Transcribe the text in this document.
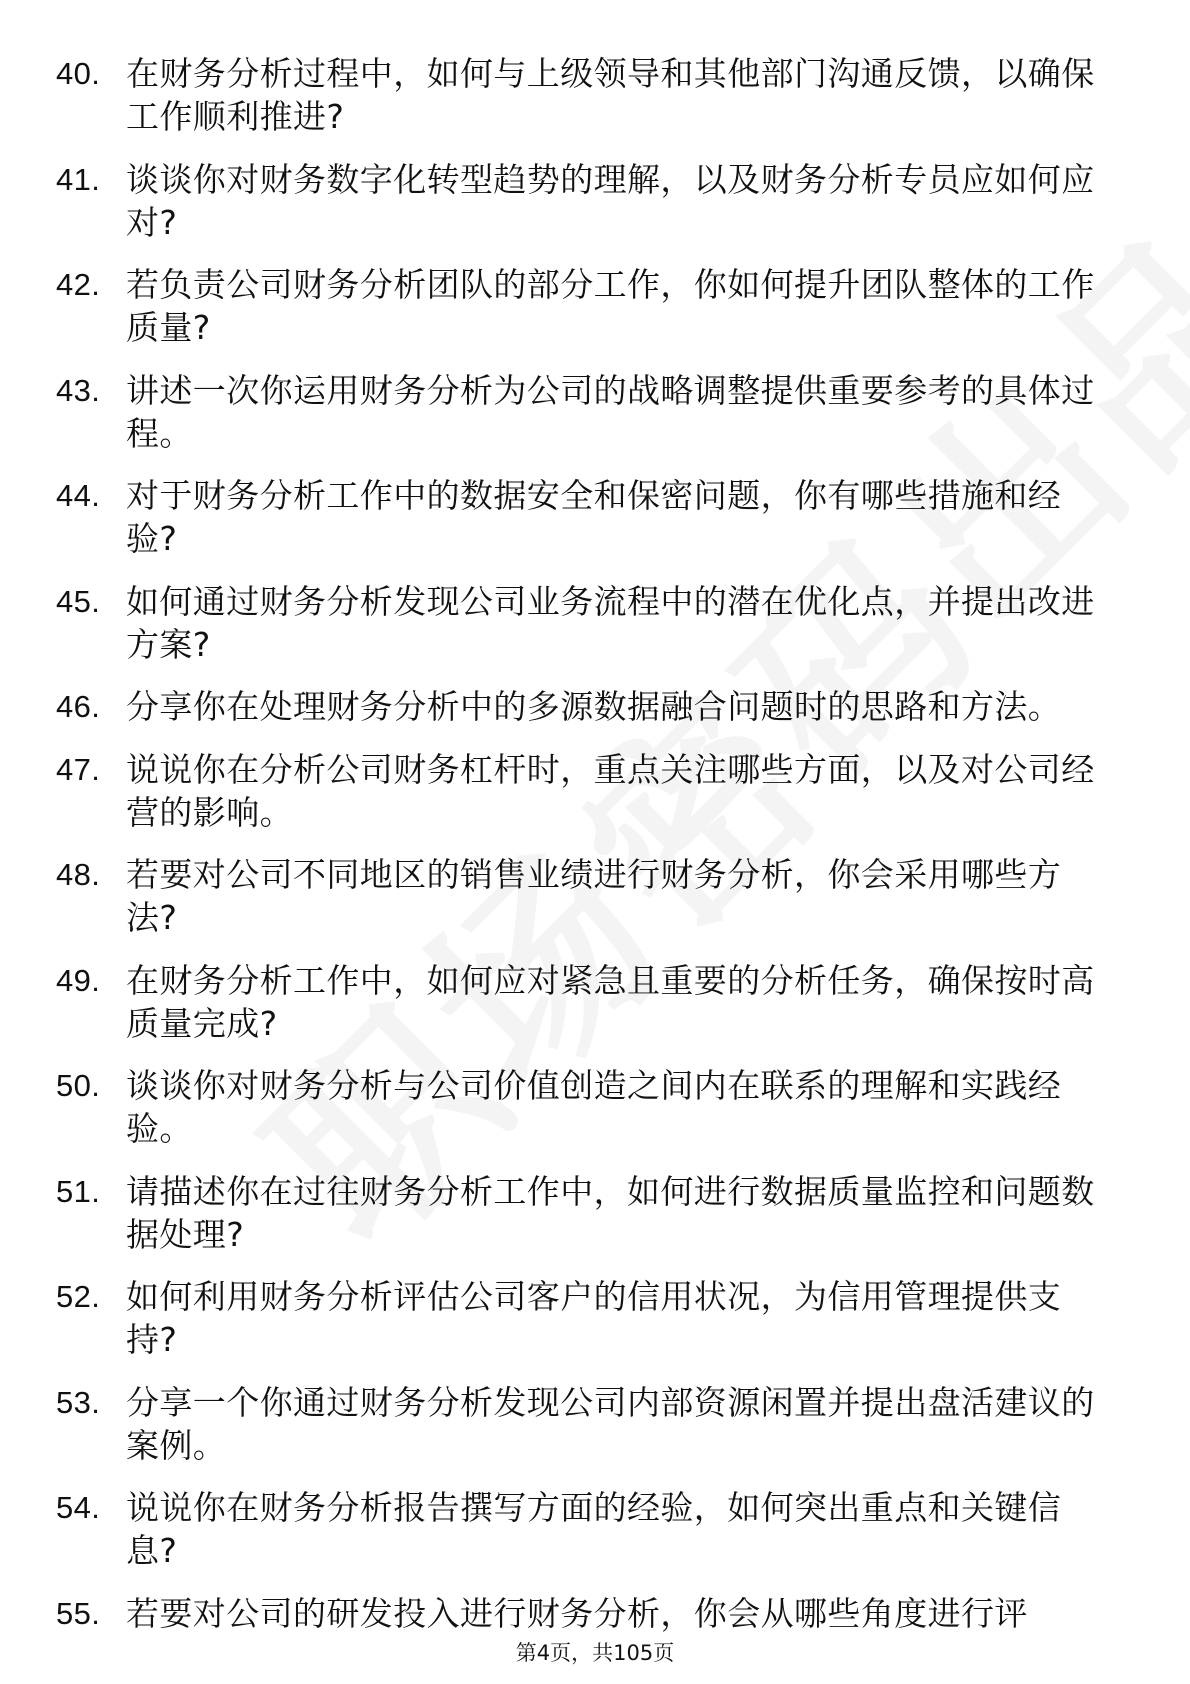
40. 在财务分析过程中，如何与上级领导和其他部门沟通反馈，以确保工作顺利推进?
41. 谈谈你对财务数字化转型趋势的理解，以及财务分析专员应如何应对?
42. 若负责公司财务分析团队的部分工作，你如何提升团队整体的工作质量?
43. 讲述一次你运用财务分析为公司的战略调整提供重要参考的具体过程。
44. 对于财务分析工作中的数据安全和保密问题，你有哪些措施和经验?
45. 如何通过财务分析发现公司业务流程中的潜在优化点，并提出改进方案?
46. 分享你在处理财务分析中的多源数据融合问题时的思路和方法。
47. 说说你在分析公司财务杠杆时，重点关注哪些方面，以及对公司经营的影响。
48. 若要对公司不同地区的销售业绩进行财务分析，你会采用哪些方法?
49. 在财务分析工作中，如何应对紧急且重要的分析任务，确保按时高质量完成?
50. 谈谈你对财务分析与公司价值创造之间内在联系的理解和实践经验。
51. 请描述你在过往财务分析工作中，如何进行数据质量监控和问题数据处理?
52. 如何利用财务分析评估公司客户的信用状况，为信用管理提供支持?
53. 分享一个你通过财务分析发现公司内部资源闲置并提出盘活建议的案例。
54. 说说你在财务分析报告撰写方面的经验，如何突出重点和关键信息?
55. 若要对公司的研发投入进行财务分析，你会从哪些角度进行评
第4页，共105页
